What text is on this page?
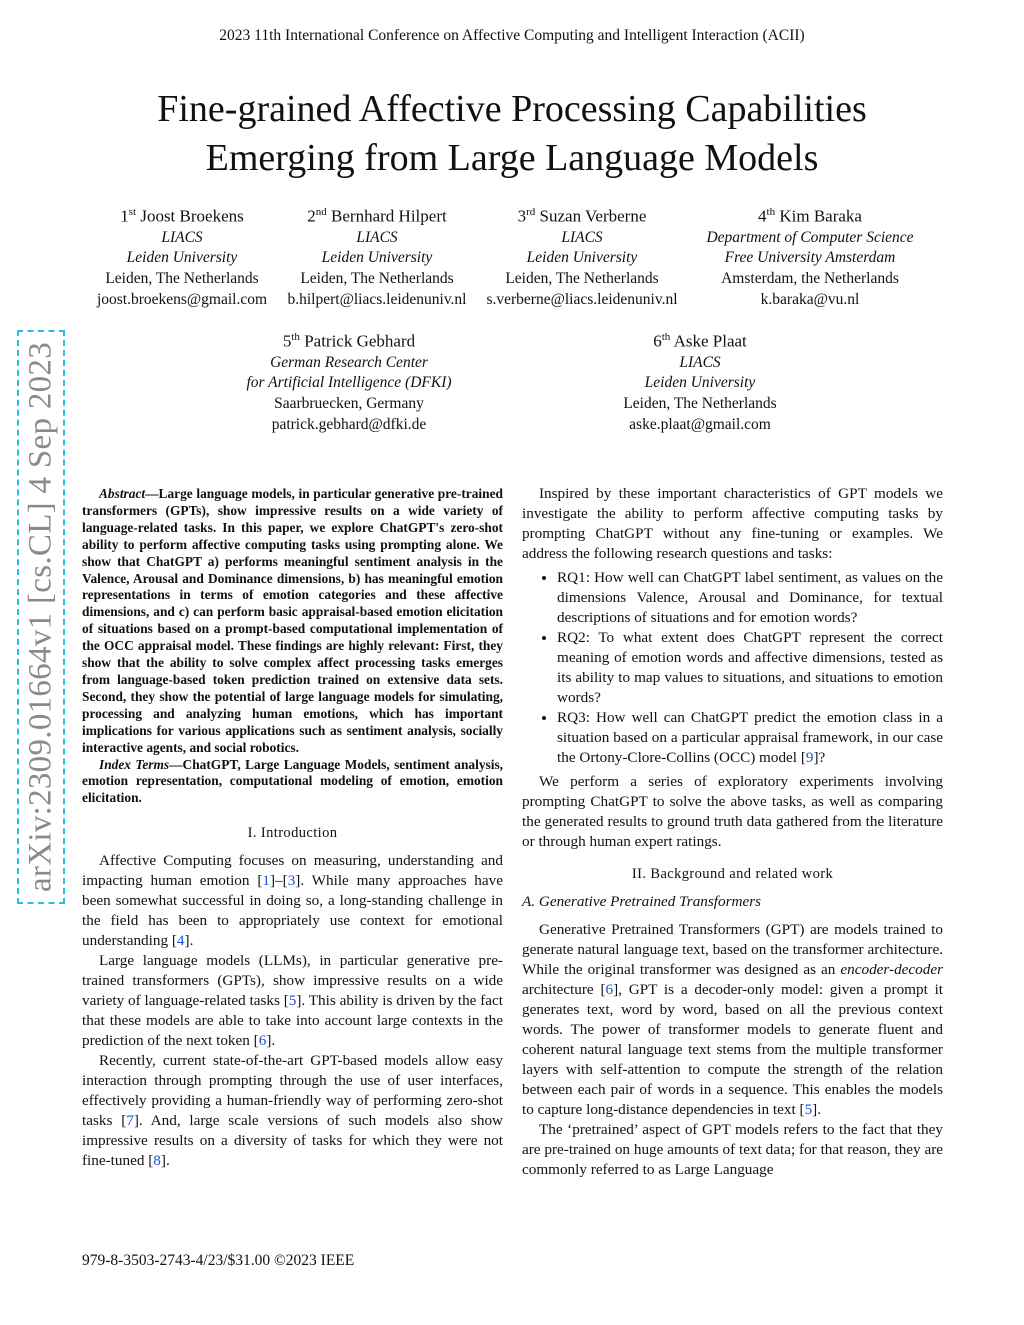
2023 11th International Conference on Affective Computing and Intelligent Interaction (ACII)
Fine-grained Affective Processing Capabilities
Emerging from Large Language Models
1st Joost Broekens
LIACS
Leiden University
Leiden, The Netherlands
joost.broekens@gmail.com
2nd Bernhard Hilpert
LIACS
Leiden University
Leiden, The Netherlands
b.hilpert@liacs.leidenuniv.nl
3rd Suzan Verberne
LIACS
Leiden University
Leiden, The Netherlands
s.verberne@liacs.leidenuniv.nl
4th Kim Baraka
Department of Computer Science
Free University Amsterdam
Amsterdam, the Netherlands
k.baraka@vu.nl
5th Patrick Gebhard
German Research Center
for Artificial Intelligence (DFKI)
Saarbruecken, Germany
patrick.gebhard@dfki.de
6th Aske Plaat
LIACS
Leiden University
Leiden, The Netherlands
aske.plaat@gmail.com
arXiv:2309.01664v1 [cs.CL] 4 Sep 2023	Abstract—Large language models, in particular generative pre-trained transformers (GPTs), show impressive results on a wide variety of language-related tasks. In this paper, we explore ChatGPT's zero-shot ability to perform affective computing tasks using prompting alone. We show that ChatGPT a) performs meaningful sentiment analysis in the Valence, Arousal and Dominance dimensions, b) has meaningful emotion representations in terms of emotion categories and these affective dimensions, and c) can perform basic appraisal-based emotion elicitation of situations based on a prompt-based computational implementation of the OCC appraisal model. These findings are highly relevant: First, they show that the ability to solve complex affect processing tasks emerges from language-based token prediction trained on extensive data sets. Second, they show the potential of large language models for simulating, processing and analyzing human emotions, which has important implications for various applications such as sentiment analysis, socially interactive agents, and social robotics.

Index Terms—ChatGPT, Large Language Models, sentiment analysis, emotion representation, computational modeling of emotion, emotion elicitation.

I. Introduction

Affective Computing focuses on measuring, understanding and impacting human emotion [ 1 ] –[ 3 ] . While many approaches have been somewhat successful in doing so, a long-standing challenge in the field has been to appropriately use context for emotional understanding [ 4 ] .

Large language models (LLMs), in particular generative pre-trained transformers (GPTs), show impressive results on a wide variety of language-related tasks [ 5 ] . This ability is driven by the fact that these models are able to take into account large contexts in the prediction of the next token [ 6 ] .

Recently, current state-of-the-art GPT-based models allow easy interaction through prompting through the use of user interfaces, effectively providing a human-friendly way of performing zero-shot tasks [ 7 ] . And, large scale versions of such models also show impressive results on a diversity of tasks for which they were not fine-tuned [ 8 ] .

Inspired by these important characteristics of GPT models we investigate the ability to perform affective computing tasks by prompting ChatGPT without any fine-tuning or examples. We address the following research questions and tasks:

• RQ1: How well can ChatGPT label sentiment, as values on the dimensions Valence, Arousal and Dominance, for textual descriptions of situations and for emotion words?
• RQ2: To what extent does ChatGPT represent the correct meaning of emotion words and affective dimensions, tested as its ability to map values to situations, and situations to emotion words?
• RQ3: How well can ChatGPT predict the emotion class in a situation based on a particular appraisal framework, in our case the Ortony-Clore-Collins (OCC) model [ 9 ] ?

We perform a series of exploratory experiments involving prompting ChatGPT to solve the above tasks, as well as comparing the generated results to ground truth data gathered from the literature or through human expert ratings.

II. Background and related work
A. Generative Pretrained Transformers

Generative Pretrained Transformers (GPT) are models trained to generate natural language text, based on the transformer architecture. While the original transformer was designed as an encoder-decoder architecture [ 6 ] , GPT is a decoder-only model: given a prompt it generates text, word by word, based on all the previous context words. The power of transformer models to generate fluent and coherent natural language text stems from the multiple transformer layers with self-attention to compute the strength of the relation between each pair of words in a sequence. This enables the models to capture long-distance dependencies in text [ 5 ] .

The ‘pretrained’ aspect of GPT models refers to the fact that they are pre-trained on huge amounts of text data; for that reason, they are commonly referred to as Large Language

979-8-3503-2743-4/23/$31.00 ©2023 IEEE
